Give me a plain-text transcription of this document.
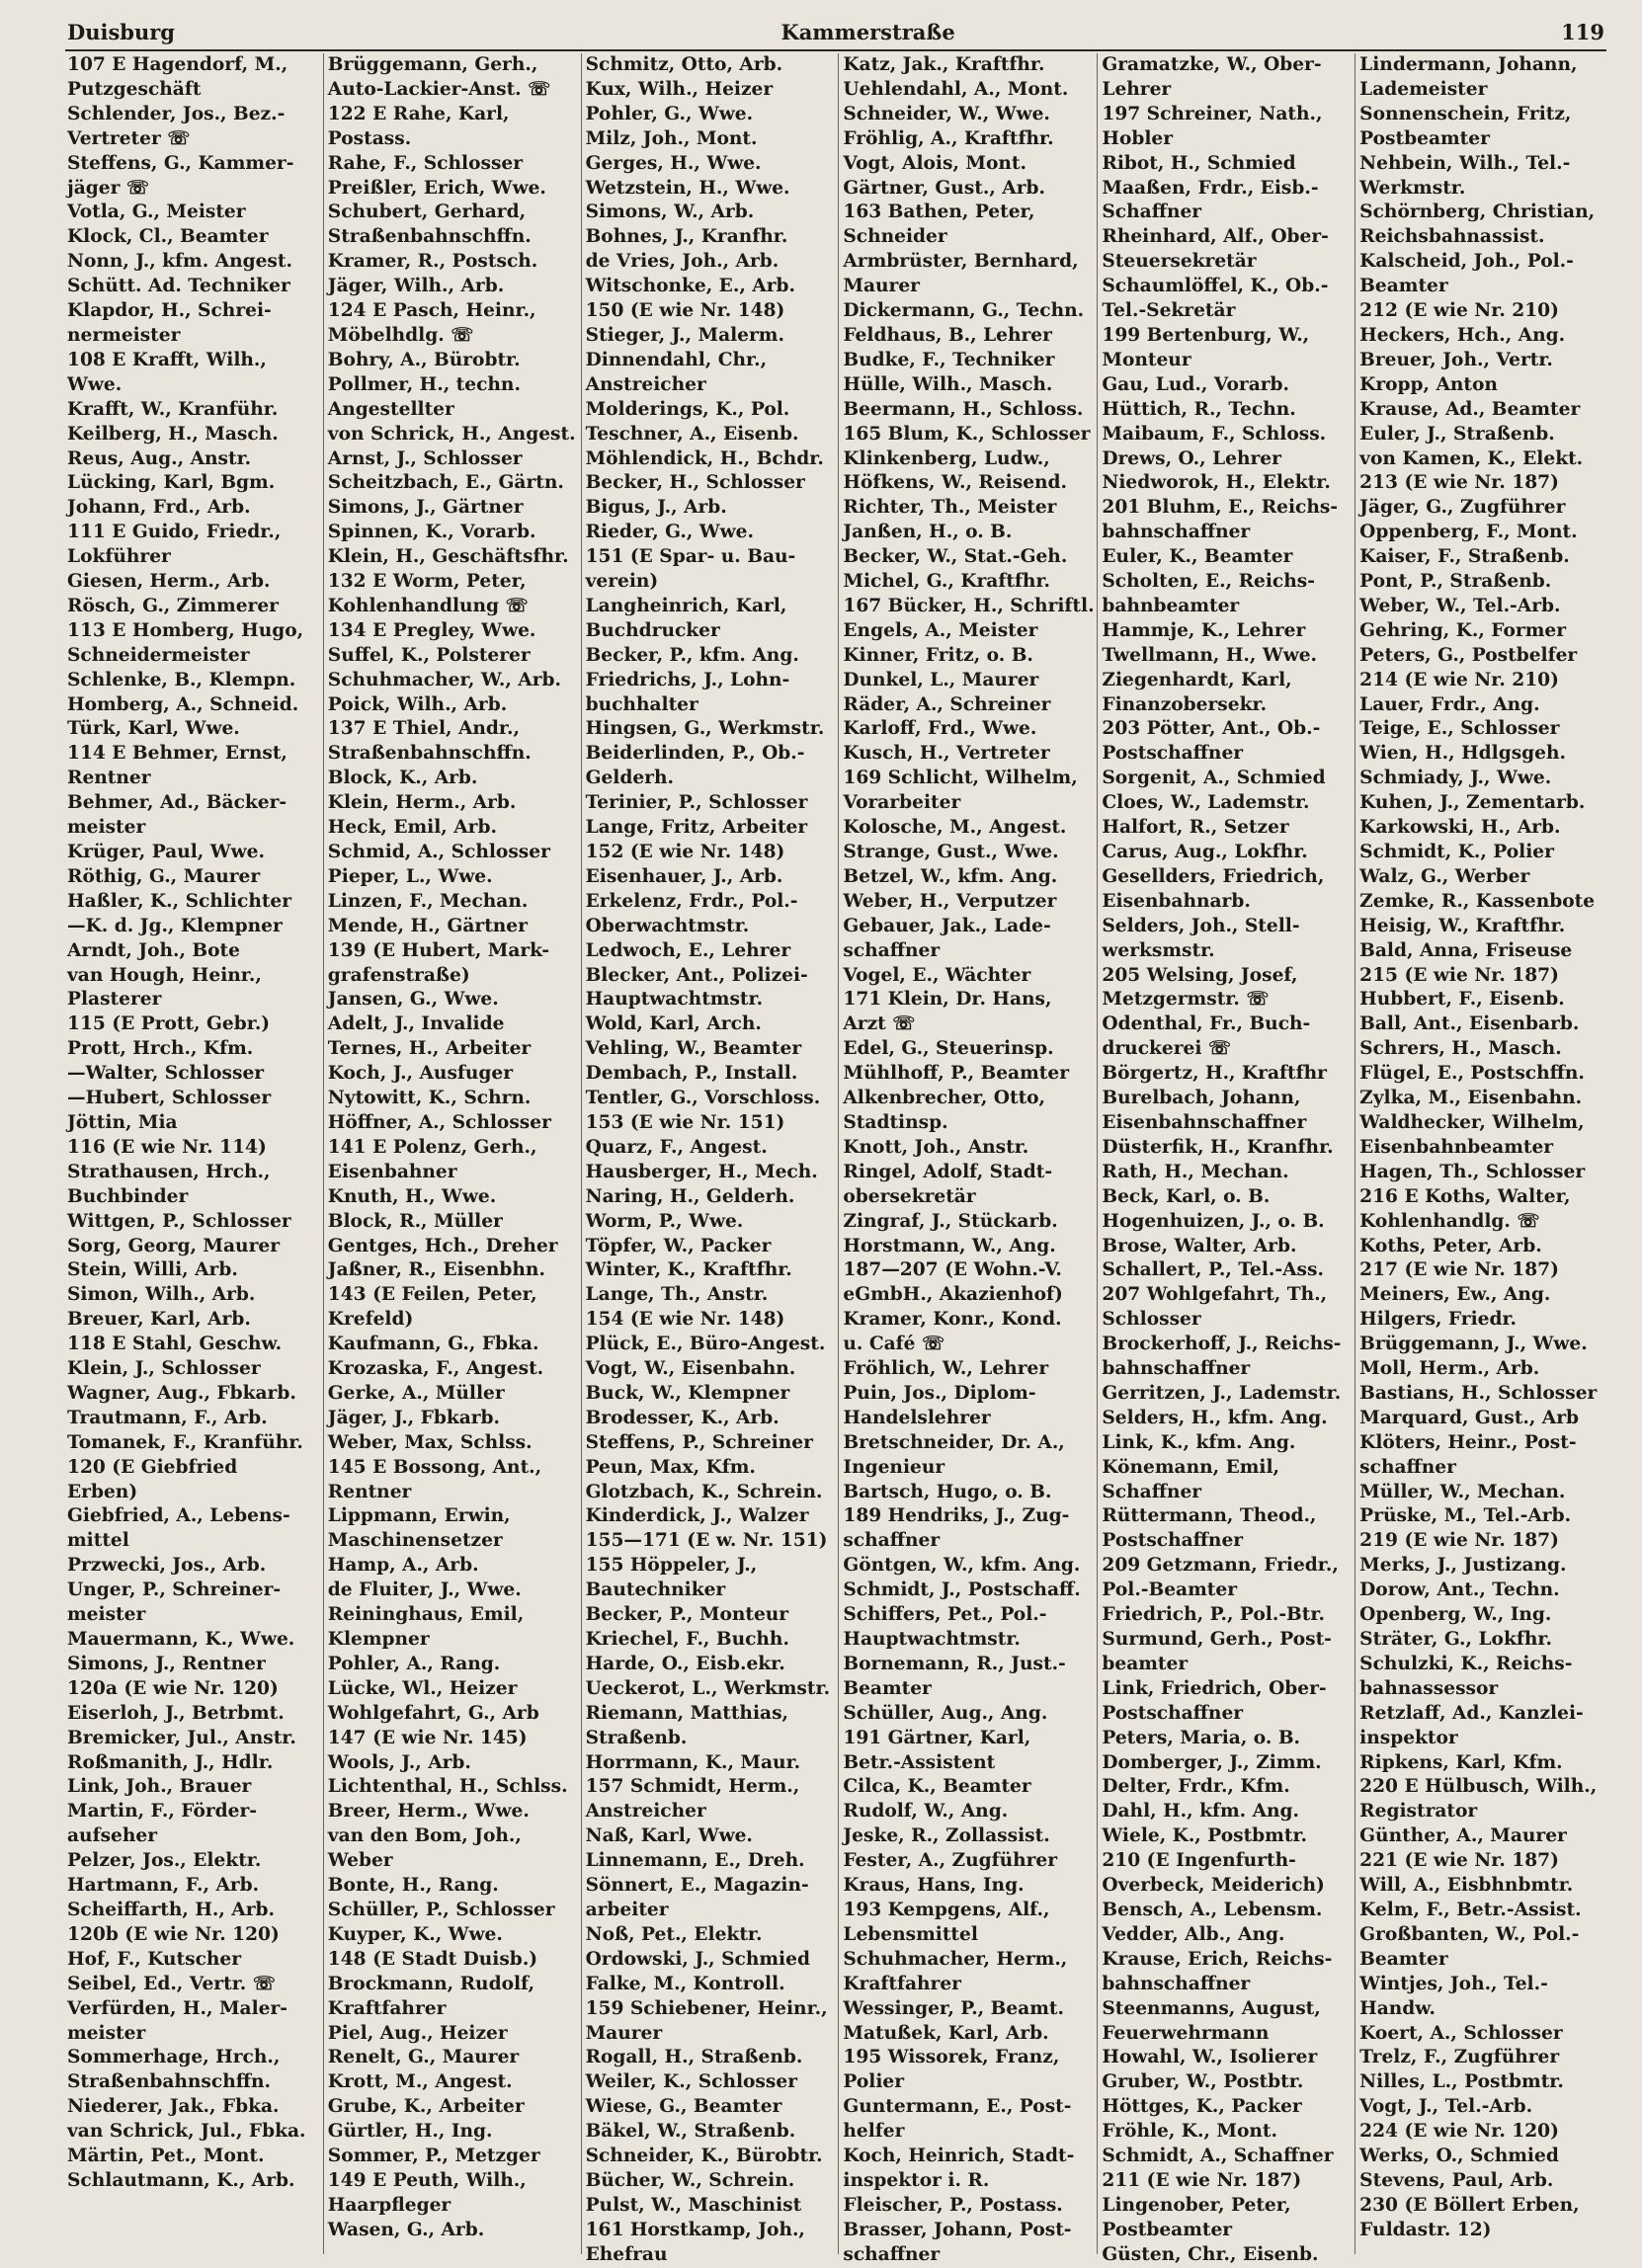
Duisburg	Kammerstraße	119

107 E Hagendorf, M.,

Putzgeschäft

Schlender, Jos., Bez.-

Vertreter ☏

Steffens, G., Kammer-

jäger ☏

Votla, G., Meister

Klock, Cl., Beamter

Nonn, J., kfm. Angest.

Schütt. Ad. Techniker

Klapdor, H., Schrei-

nermeister

108 E Krafft, Wilh.,

Wwe.

Krafft, W., Kranführ.

Keilberg, H., Masch.

Reus, Aug., Anstr.

Lücking, Karl, Bgm.

Johann, Frd., Arb.

111 E Guido, Friedr.,

Lokführer

Giesen, Herm., Arb.

Rösch, G., Zimmerer

113 E Homberg, Hugo,

Schneidermeister

Schlenke, B., Klempn.

Homberg, A., Schneid.

Türk, Karl, Wwe.

114 E Behmer, Ernst,

Rentner

Behmer, Ad., Bäcker-

meister

Krüger, Paul, Wwe.

Röthig, G., Maurer

Haßler, K., Schlichter

—K. d. Jg., Klempner

Arndt, Joh., Bote

van Hough, Heinr.,

Plasterer

115 (E Prott, Gebr.)

Prott, Hrch., Kfm.

—Walter, Schlosser

—Hubert, Schlosser

Jöttin, Mia

116 (E wie Nr. 114)

Strathausen, Hrch.,

Buchbinder

Wittgen, P., Schlosser

Sorg, Georg, Maurer

Stein, Willi, Arb.

Simon, Wilh., Arb.

Breuer, Karl, Arb.

118 E Stahl, Geschw.

Klein, J., Schlosser

Wagner, Aug., Fbkarb.

Trautmann, F., Arb.

Tomanek, F., Kranführ.

120 (E Giebfried

Erben)

Giebfried, A., Lebens-

mittel

Przwecki, Jos., Arb.

Unger, P., Schreiner-

meister

Mauermann, K., Wwe.

Simons, J., Rentner

120a (E wie Nr. 120)

Eiserloh, J., Betrbmt.

Bremicker, Jul., Anstr.

Roßmanith, J., Hdlr.

Link, Joh., Brauer

Martin, F., Förder-

aufseher

Pelzer, Jos., Elektr.

Hartmann, F., Arb.

Scheiffarth, H., Arb.

120b (E wie Nr. 120)

Hof, F., Kutscher

Seibel, Ed., Vertr. ☏

Verfürden, H., Maler-

meister

Sommerhage, Hrch.,

Straßenbahnschffn.

Niederer, Jak., Fbka.

van Schrick, Jul., Fbka.

Märtin, Pet., Mont.

Schlautmann, K., Arb.

Brüggemann, Gerh.,

Auto-Lackier-Anst. ☏

122 E Rahe, Karl,

Postass.

Rahe, F., Schlosser

Preißler, Erich, Wwe.

Schubert, Gerhard,

Straßenbahnschffn.

Kramer, R., Postsch.

Jäger, Wilh., Arb.

124 E Pasch, Heinr.,

Möbelhdlg. ☏

Bohry, A., Bürobtr.

Pollmer, H., techn.

Angestellter

von Schrick, H., Angest.

Arnst, J., Schlosser

Scheitzbach, E., Gärtn.

Simons, J., Gärtner

Spinnen, K., Vorarb.

Klein, H., Geschäftsfhr.

132 E Worm, Peter,

Kohlenhandlung ☏

134 E Pregley, Wwe.

Suffel, K., Polsterer

Schuhmacher, W., Arb.

Poick, Wilh., Arb.

137 E Thiel, Andr.,

Straßenbahnschffn.

Block, K., Arb.

Klein, Herm., Arb.

Heck, Emil, Arb.

Schmid, A., Schlosser

Pieper, L., Wwe.

Linzen, F., Mechan.

Mende, H., Gärtner

139 (E Hubert, Mark-

grafenstraße)

Jansen, G., Wwe.

Adelt, J., Invalide

Ternes, H., Arbeiter

Koch, J., Ausfuger

Nytowitt, K., Schrn.

Höffner, A., Schlosser

141 E Polenz, Gerh.,

Eisenbahner

Knuth, H., Wwe.

Block, R., Müller

Gentges, Hch., Dreher

Jaßner, R., Eisenbhn.

143 (E Feilen, Peter,

Krefeld)

Kaufmann, G., Fbka.

Krozaska, F., Angest.

Gerke, A., Müller

Jäger, J., Fbkarb.

Weber, Max, Schlss.

145 E Bossong, Ant.,

Rentner

Lippmann, Erwin,

Maschinensetzer

Hamp, A., Arb.

de Fluiter, J., Wwe.

Reininghaus, Emil,

Klempner

Pohler, A., Rang.

Lücke, Wl., Heizer

Wohlgefahrt, G., Arb

147 (E wie Nr. 145)

Wools, J., Arb.

Lichtenthal, H., Schlss.

Breer, Herm., Wwe.

van den Bom, Joh.,

Weber

Bonte, H., Rang.

Schüller, P., Schlosser

Kuyper, K., Wwe.

148 (E Stadt Duisb.)

Brockmann, Rudolf,

Kraftfahrer

Piel, Aug., Heizer

Renelt, G., Maurer

Krott, M., Angest.

Grube, K., Arbeiter

Gürtler, H., Ing.

Sommer, P., Metzger

149 E Peuth, Wilh.,

Haarpfleger

Wasen, G., Arb.

Schmitz, Otto, Arb.

Kux, Wilh., Heizer

Pohler, G., Wwe.

Milz, Joh., Mont.

Gerges, H., Wwe.

Wetzstein, H., Wwe.

Simons, W., Arb.

Bohnes, J., Kranfhr.

de Vries, Joh., Arb.

Witschonke, E., Arb.

150 (E wie Nr. 148)

Stieger, J., Malerm.

Dinnendahl, Chr.,

Anstreicher

Molderings, K., Pol.

Teschner, A., Eisenb.

Möhlendick, H., Bchdr.

Becker, H., Schlosser

Bigus, J., Arb.

Rieder, G., Wwe.

151 (E Spar- u. Bau-

verein)

Langheinrich, Karl,

Buchdrucker

Becker, P., kfm. Ang.

Friedrichs, J., Lohn-

buchhalter

Hingsen, G., Werkmstr.

Beiderlinden, P., Ob.-

Gelderh.

Terinier, P., Schlosser

Lange, Fritz, Arbeiter

152 (E wie Nr. 148)

Eisenhauer, J., Arb.

Erkelenz, Frdr., Pol.-

Oberwachtmstr.

Ledwoch, E., Lehrer

Blecker, Ant., Polizei-

Hauptwachtmstr.

Wold, Karl, Arch.

Vehling, W., Beamter

Dembach, P., Install.

Tentler, G., Vorschloss.

153 (E wie Nr. 151)

Quarz, F., Angest.

Hausberger, H., Mech.

Naring, H., Gelderh.

Worm, P., Wwe.

Töpfer, W., Packer

Winter, K., Kraftfhr.

Lange, Th., Anstr.

154 (E wie Nr. 148)

Plück, E., Büro-Angest.

Vogt, W., Eisenbahn.

Buck, W., Klempner

Brodesser, K., Arb.

Steffens, P., Schreiner

Peun, Max, Kfm.

Glotzbach, K., Schrein.

Kinderdick, J., Walzer

155—171 (E w. Nr. 151)

155 Höppeler, J.,

Bautechniker

Becker, P., Monteur

Kriechel, F., Buchh.

Harde, O., Eisb.ekr.

Ueckerot, L., Werkmstr.

Riemann, Matthias,

Straßenb.

Horrmann, K., Maur.

157 Schmidt, Herm.,

Anstreicher

Naß, Karl, Wwe.

Linnemann, E., Dreh.

Sönnert, E., Magazin-

arbeiter

Noß, Pet., Elektr.

Ordowski, J., Schmied

Falke, M., Kontroll.

159 Schiebener, Heinr.,

Maurer

Rogall, H., Straßenb.

Weiler, K., Schlosser

Wiese, G., Beamter

Bäkel, W., Straßenb.

Schneider, K., Bürobtr.

Bücher, W., Schrein.

Pulst, W., Maschinist

161 Horstkamp, Joh.,

Ehefrau

Katz, Jak., Kraftfhr.

Uehlendahl, A., Mont.

Schneider, W., Wwe.

Fröhlig, A., Kraftfhr.

Vogt, Alois, Mont.

Gärtner, Gust., Arb.

163 Bathen, Peter,

Schneider

Armbrüster, Bernhard,

Maurer

Dickermann, G., Techn.

Feldhaus, B., Lehrer

Budke, F., Techniker

Hülle, Wilh., Masch.

Beermann, H., Schloss.

165 Blum, K., Schlosser

Klinkenberg, Ludw.,

Höfkens, W., Reisend.

Richter, Th., Meister

Janßen, H., o. B.

Becker, W., Stat.-Geh.

Michel, G., Kraftfhr.

167 Bücker, H., Schriftl.

Engels, A., Meister

Kinner, Fritz, o. B.

Dunkel, L., Maurer

Räder, A., Schreiner

Karloff, Frd., Wwe.

Kusch, H., Vertreter

169 Schlicht, Wilhelm,

Vorarbeiter

Kolosche, M., Angest.

Strange, Gust., Wwe.

Betzel, W., kfm. Ang.

Weber, H., Verputzer

Gebauer, Jak., Lade-

schaffner

Vogel, E., Wächter

171 Klein, Dr. Hans,

Arzt ☏

Edel, G., Steuerinsp.

Mühlhoff, P., Beamter

Alkenbrecher, Otto,

Stadtinsp.

Knott, Joh., Anstr.

Ringel, Adolf, Stadt-

obersekretär

Zingraf, J., Stückarb.

Horstmann, W., Ang.

187—207 (E Wohn.-V.

eGmbH., Akazienhof)

Kramer, Konr., Kond.

u. Café ☏

Fröhlich, W., Lehrer

Puin, Jos., Diplom-

Handelslehrer

Bretschneider, Dr. A.,

Ingenieur

Bartsch, Hugo, o. B.

189 Hendriks, J., Zug-

schaffner

Göntgen, W., kfm. Ang.

Schmidt, J., Postschaff.

Schiffers, Pet., Pol.-

Hauptwachtmstr.

Bornemann, R., Just.-

Beamter

Schüller, Aug., Ang.

191 Gärtner, Karl,

Betr.-Assistent

Cilca, K., Beamter

Rudolf, W., Ang.

Jeske, R., Zollassist.

Fester, A., Zugführer

Kraus, Hans, Ing.

193 Kempgens, Alf.,

Lebensmittel

Schuhmacher, Herm.,

Kraftfahrer

Wessinger, P., Beamt.

Matußek, Karl, Arb.

195 Wissorek, Franz,

Polier

Guntermann, E., Post-

helfer

Koch, Heinrich, Stadt-

inspektor i. R.

Fleischer, P., Postass.

Brasser, Johann, Post-

schaffner

Gramatzke, W., Ober-

Lehrer

197 Schreiner, Nath.,

Hobler

Ribot, H., Schmied

Maaßen, Frdr., Eisb.-

Schaffner

Rheinhard, Alf., Ober-

Steuersekretär

Schaumlöffel, K., Ob.-

Tel.-Sekretär

199 Bertenburg, W.,

Monteur

Gau, Lud., Vorarb.

Hüttich, R., Techn.

Maibaum, F., Schloss.

Drews, O., Lehrer

Niedworok, H., Elektr.

201 Bluhm, E., Reichs-

bahnschaffner

Euler, K., Beamter

Scholten, E., Reichs-

bahnbeamter

Hammje, K., Lehrer

Twellmann, H., Wwe.

Ziegenhardt, Karl,

Finanzobersekr.

203 Pötter, Ant., Ob.-

Postschaffner

Sorgenit, A., Schmied

Cloes, W., Lademstr.

Halfort, R., Setzer

Carus, Aug., Lokfhr.

Gesellders, Friedrich,

Eisenbahnarb.

Selders, Joh., Stell-

werksmstr.

205 Welsing, Josef,

Metzgermstr. ☏

Odenthal, Fr., Buch-

druckerei ☏

Börgertz, H., Kraftfhr

Burelbach, Johann,

Eisenbahnschaffner

Düsterfik, H., Kranfhr.

Rath, H., Mechan.

Beck, Karl, o. B.

Hogenhuizen, J., o. B.

Brose, Walter, Arb.

Schallert, P., Tel.-Ass.

207 Wohlgefahrt, Th.,

Schlosser

Brockerhoff, J., Reichs-

bahnschaffner

Gerritzen, J., Lademstr.

Selders, H., kfm. Ang.

Link, K., kfm. Ang.

Könemann, Emil,

Schaffner

Rüttermann, Theod.,

Postschaffner

209 Getzmann, Friedr.,

Pol.-Beamter

Friedrich, P., Pol.-Btr.

Surmund, Gerh., Post-

beamter

Link, Friedrich, Ober-

Postschaffner

Peters, Maria, o. B.

Domberger, J., Zimm.

Delter, Frdr., Kfm.

Dahl, H., kfm. Ang.

Wiele, K., Postbmtr.

210 (E Ingenfurth-

Overbeck, Meiderich)

Bensch, A., Lebensm.

Vedder, Alb., Ang.

Krause, Erich, Reichs-

bahnschaffner

Steenmanns, August,

Feuerwehrmann

Howahl, W., Isolierer

Gruber, W., Postbtr.

Höttges, K., Packer

Fröhle, K., Mont.

Schmidt, A., Schaffner

211 (E wie Nr. 187)

Lingenober, Peter,

Postbeamter

Güsten, Chr., Eisenb.

Lindermann, Johann,

Lademeister

Sonnenschein, Fritz,

Postbeamter

Nehbein, Wilh., Tel.-

Werkmstr.

Schörnberg, Christian,

Reichsbahnassist.

Kalscheid, Joh., Pol.-

Beamter

212 (E wie Nr. 210)

Heckers, Hch., Ang.

Breuer, Joh., Vertr.

Kropp, Anton

Krause, Ad., Beamter

Euler, J., Straßenb.

von Kamen, K., Elekt.

213 (E wie Nr. 187)

Jäger, G., Zugführer

Oppenberg, F., Mont.

Kaiser, F., Straßenb.

Pont, P., Straßenb.

Weber, W., Tel.-Arb.

Gehring, K., Former

Peters, G., Postbelfer

214 (E wie Nr. 210)

Lauer, Frdr., Ang.

Teige, E., Schlosser

Wien, H., Hdlgsgeh.

Schmiady, J., Wwe.

Kuhen, J., Zementarb.

Karkowski, H., Arb.

Schmidt, K., Polier

Walz, G., Werber

Zemke, R., Kassenbote

Heisig, W., Kraftfhr.

Bald, Anna, Friseuse

215 (E wie Nr. 187)

Hubbert, F., Eisenb.

Ball, Ant., Eisenbarb.

Schrers, H., Masch.

Flügel, E., Postschffn.

Zylka, M., Eisenbahn.

Waldhecker, Wilhelm,

Eisenbahnbeamter

Hagen, Th., Schlosser

216 E Koths, Walter,

Kohlenhandlg. ☏

Koths, Peter, Arb.

217 (E wie Nr. 187)

Meiners, Ew., Ang.

Hilgers, Friedr.

Brüggemann, J., Wwe.

Moll, Herm., Arb.

Bastians, H., Schlosser

Marquard, Gust., Arb

Klöters, Heinr., Post-

schaffner

Müller, W., Mechan.

Prüske, M., Tel.-Arb.

219 (E wie Nr. 187)

Merks, J., Justizang.

Dorow, Ant., Techn.

Openberg, W., Ing.

Sträter, G., Lokfhr.

Schulzki, K., Reichs-

bahnassessor

Retzlaff, Ad., Kanzlei-

inspektor

Ripkens, Karl, Kfm.

220 E Hülbusch, Wilh.,

Registrator

Günther, A., Maurer

221 (E wie Nr. 187)

Will, A., Eisbhnbmtr.

Kelm, F., Betr.-Assist.

Großbanten, W., Pol.-

Beamter

Wintjes, Joh., Tel.-

Handw.

Koert, A., Schlosser

Trelz, F., Zugführer

Nilles, L., Postbmtr.

Vogt, J., Tel.-Arb.

224 (E wie Nr. 120)

Werks, O., Schmied

Stevens, Paul, Arb.

230 (E Böllert Erben,

Fuldastr. 12)
